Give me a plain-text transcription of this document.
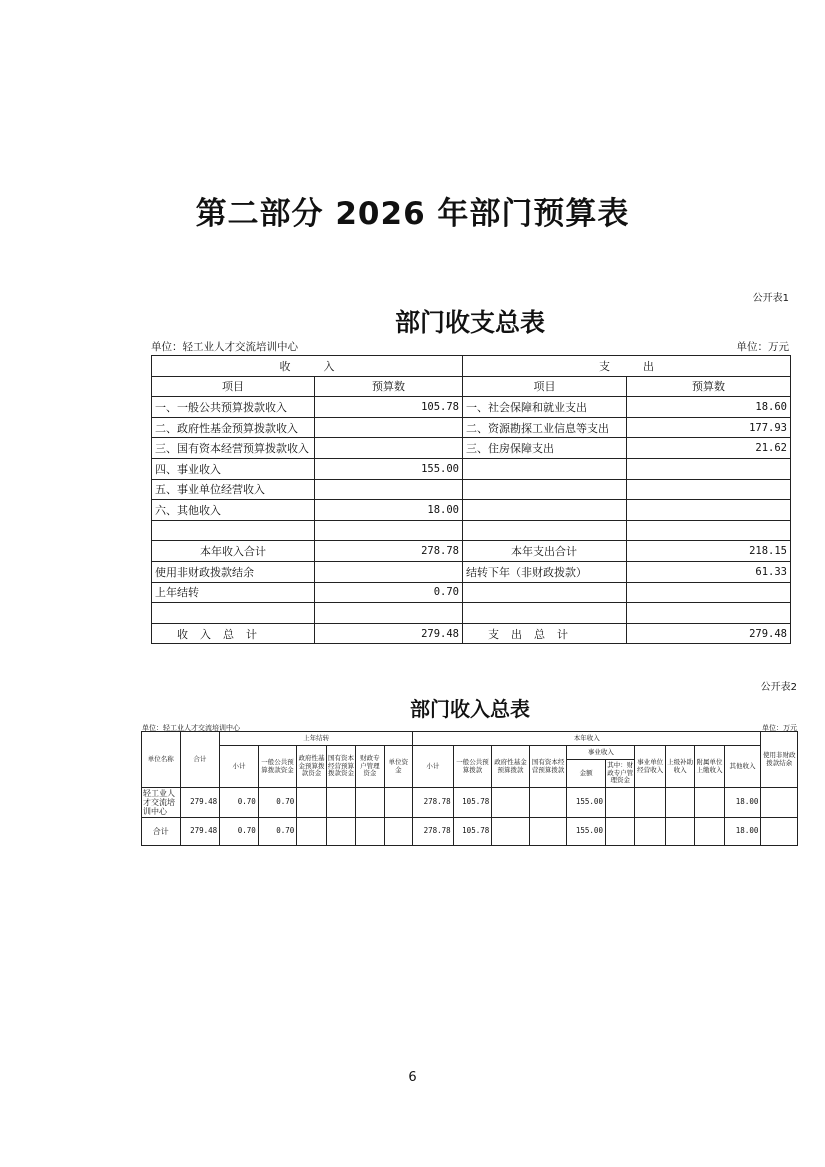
第二部分 2026 年部门预算表
公开表1
部门收支总表
单位：轻工业人才交流培训中心	单位：万元
收　　　入		支　　　出	
项目	预算数	项目	预算数
一、一般公共预算拨款收入	105.78	一、社会保障和就业支出	18.60
二、政府性基金预算拨款收入		二、资源勘探工业信息等支出	177.93
三、国有资本经营预算拨款收入		三、住房保障支出	21.62
四、事业收入	155.00		
五、事业单位经营收入			
六、其他收入	18.00		

本年收入合计	278.78	本年支出合计	218.15
使用非财政拨款结余		结转下年（非财政拨款）	61.33
上年结转	0.70		

收入总计	279.48	支出总计	279.48
公开表2
部门收入总表
单位：轻工业人才交流培训中心	单位：万元
单位名称	合计	上年结转						本年收入										使用非财政拨款结余
		小计	一般公共预算拨款资金	政府性基金预算拨款资金	国有资本经营预算拨款资金	财政专户管理资金	单位资金	小计	一般公共预算拨款	政府性基金预算拨款	国有资本经营预算拨款	事业收入		事业单位经营收入	上级补助收入	附属单位上缴收入	其他收入	
												金额	其中：财政专户管理资金					
轻工业人才交流培训中心	279.48	0.70	0.70					278.78	105.78			155.00					18.00	
合计	279.48	0.70	0.70					278.78	105.78			155.00					18.00	
6
